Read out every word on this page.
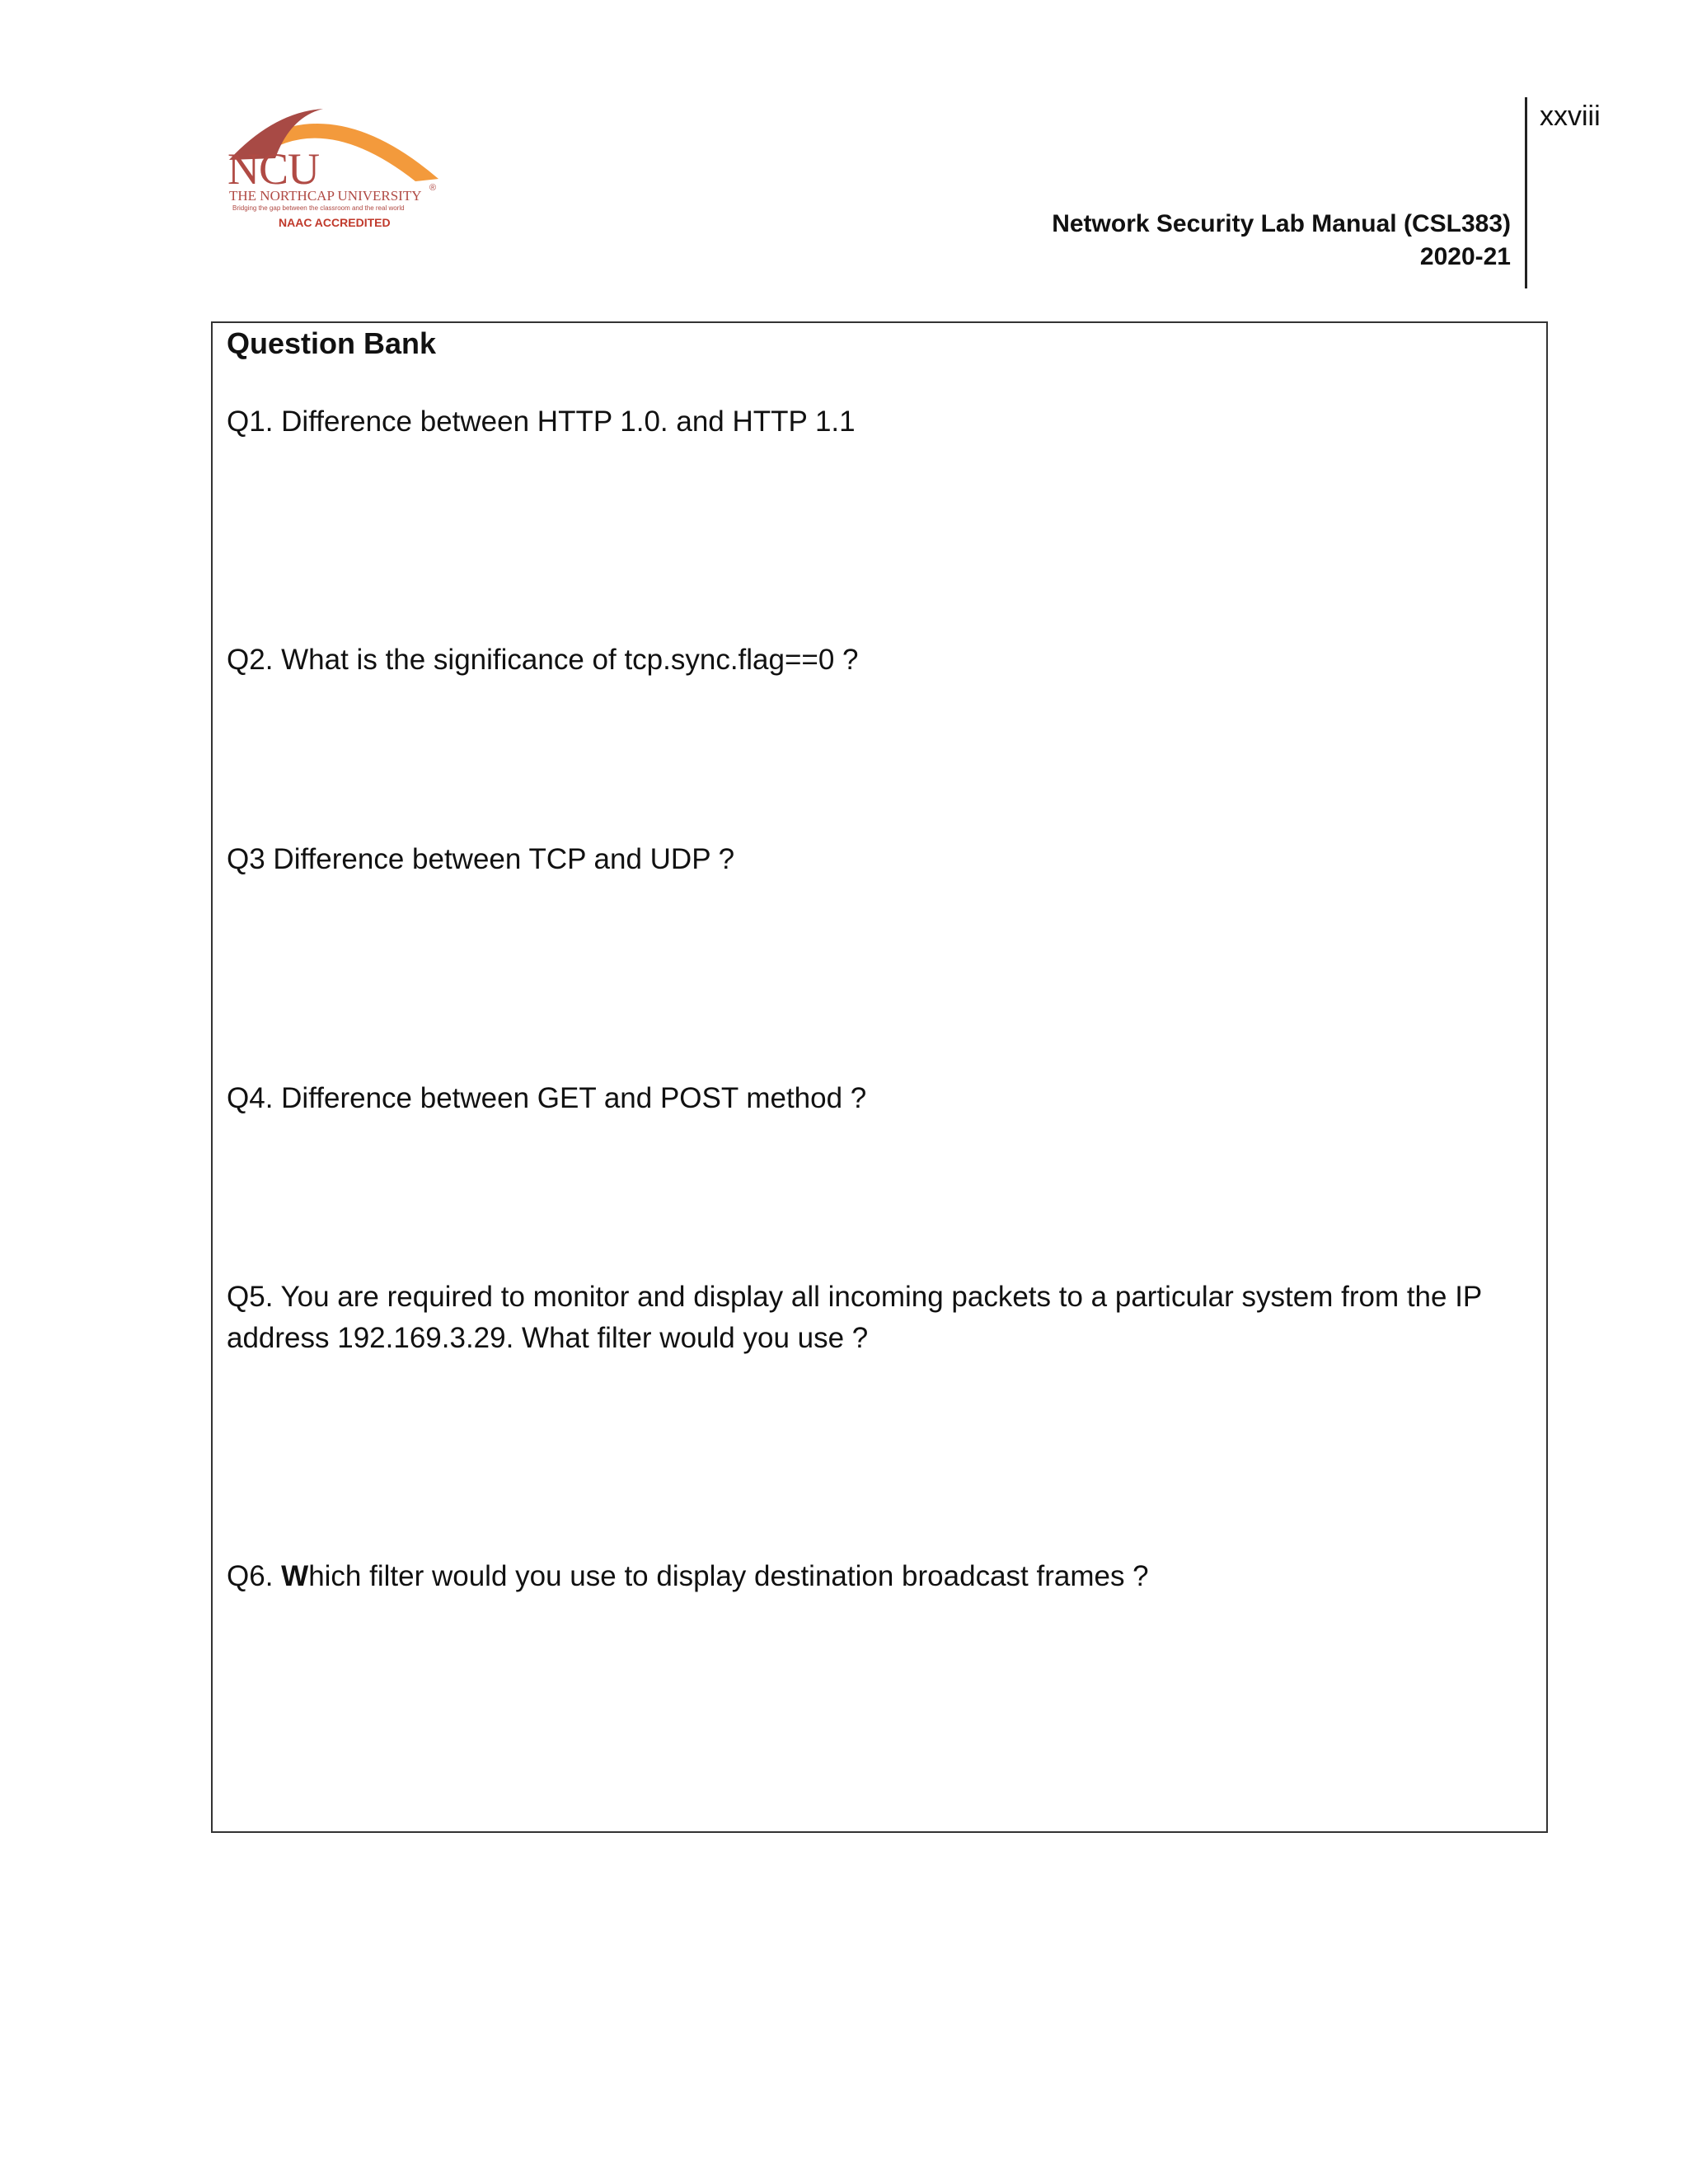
xxviii
NCU
THE NORTHCAP UNIVERSITY ®
Bridging the gap between the classroom and the real world
NAAC ACCREDITED	Network Security Lab Manual (CSL383)
2020-21
Question Bank
Q1. Difference between HTTP 1.0. and HTTP 1.1
Q2. What is the significance of tcp.sync.flag==0 ?
Q3 Difference between TCP and UDP ?
Q4. Difference between GET and POST method ?
Q5. You are required to monitor and display all incoming packets to a particular system from the IP address 192.169.3.29. What filter would you use ?
Q6. Which filter would you use to display destination broadcast frames ?
